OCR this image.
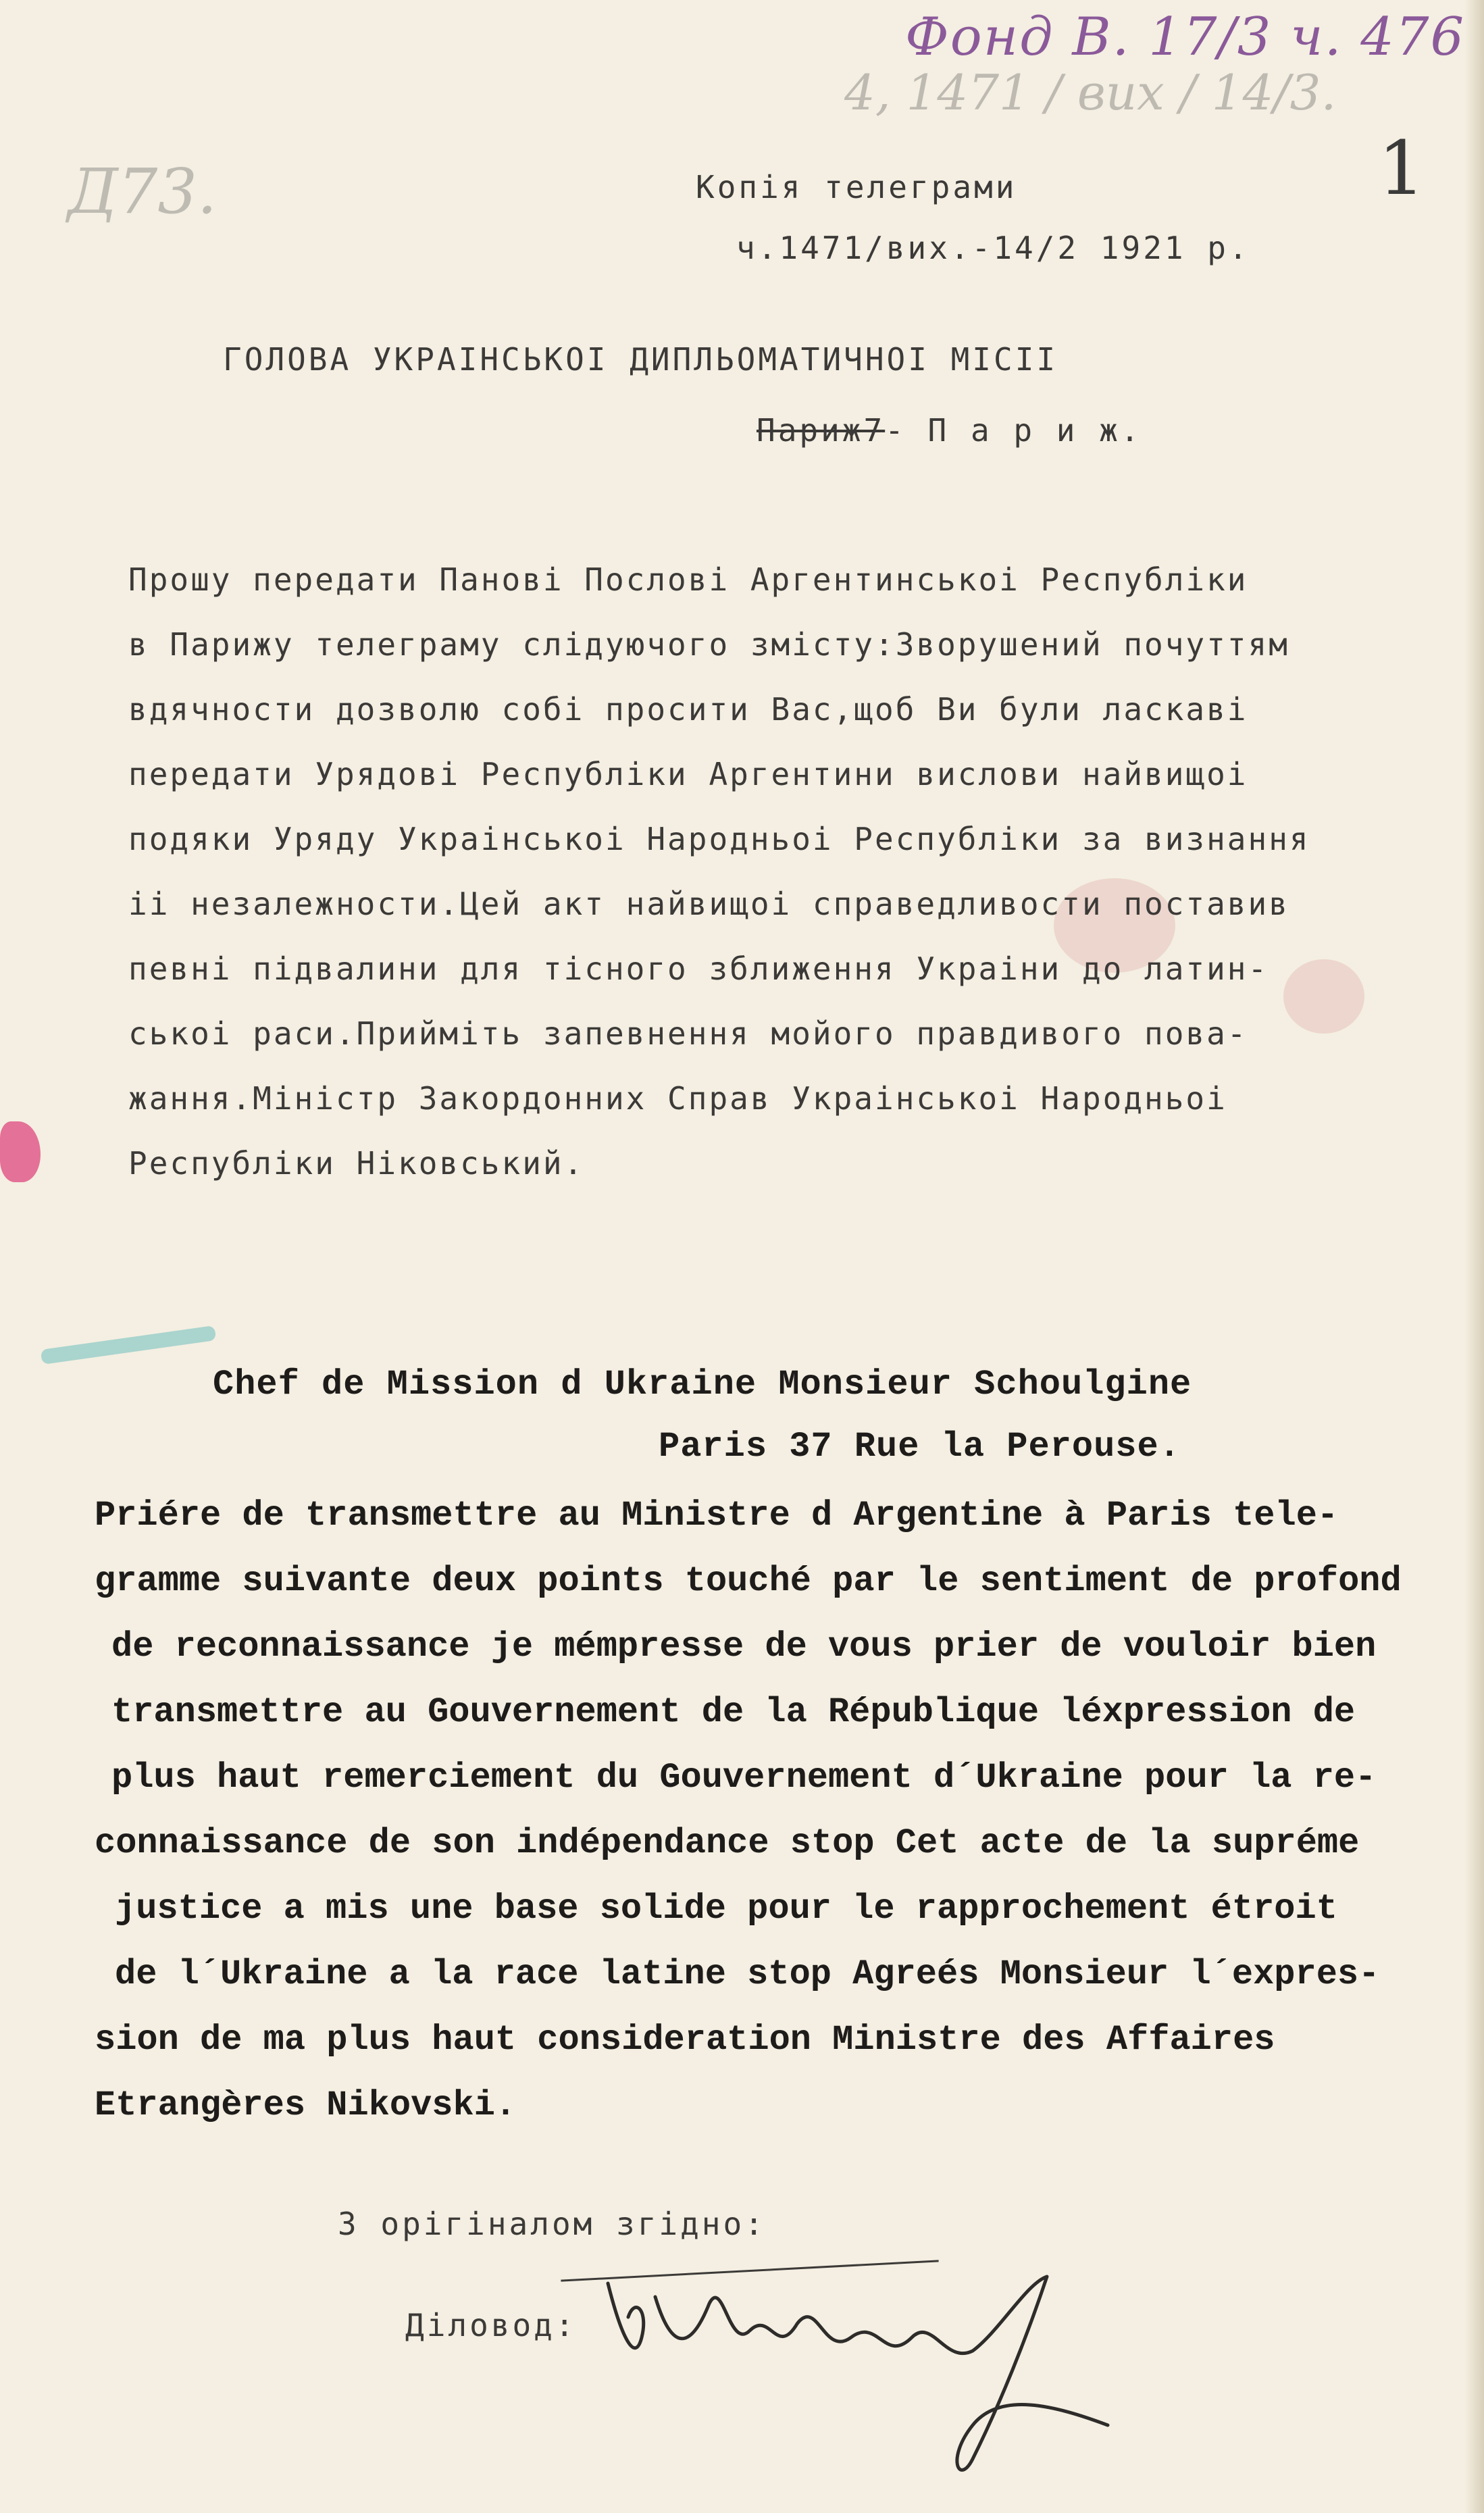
Фонд В. 17/3 ч. 476
4, 1471 / вих / 14/3.
1
Д73.	Копія телеграми
ч.1471/вих.-14/2 1921 р.
ГОЛОВА УКРАІНСЬКОІ ДИПЛЬОМАТИЧНОІ МІСІІ
Париж7- П а р и ж.
Прошу передати Панові Послові Аргентинськоі Республіки
в Парижу телеграму слідуючого змісту:Зворушений почуттям
вдячности дозволю собі просити Вас,щоб Ви були ласкаві
передати Урядові Республіки Аргентини вислови найвищоі
подяки Уряду Украінськоі Народньоі Республіки за визнання
іі незалежности.Цей акт найвищоі справедливости поставив
певні підвалини для тісного зближення Украіни до латин-
ськоі раси.Прийміть запевнення мойого правдивого пова-
жання.Міністр Закордонних Справ Украінськоі Народньоі
Республіки Ніковський.
Chef de Mission d Ukraine Monsieur Schoulgine
Paris 37 Rue la Perouse.
Priére de transmettre au Ministre d Argentine à Paris tele-
gramme suivante deux points touché par le sentiment de profond
de reconnaissance je mémpresse de vous prier de vouloir bien
transmettre au Gouvernement de la République léxpression de
plus haut remerciement du Gouvernement d´Ukraine pour la re-
connaissance de son indépendance stop Cet acte de la supréme
justice a mis une base solide pour le rapprochement étroit
de l´Ukraine a la race latine stop Agreés Monsieur l´expres-
sion de ma plus haut consideration Ministre des Affaires
Etrangères Nikovski.
З орігіналом згідно:
Діловод:
